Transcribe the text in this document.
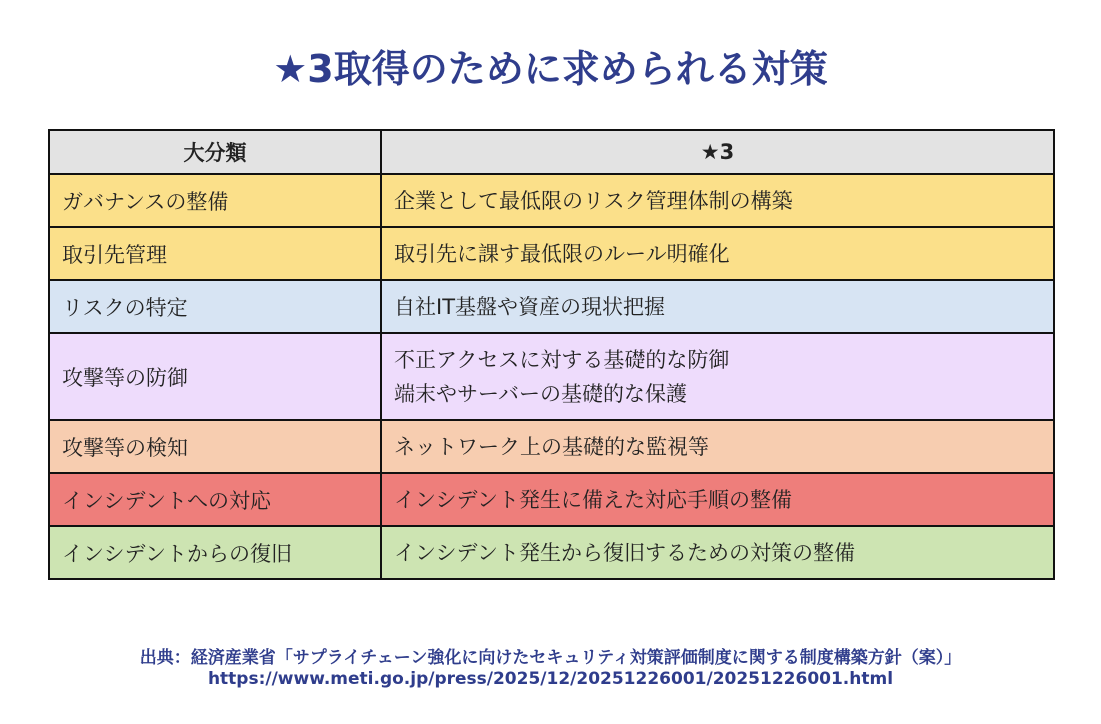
★3取得のために求められる対策
大分類	★3
ガバナンスの整備	企業として最低限のリスク管理体制の構築

取引先管理	取引先に課す最低限のルール明確化

リスクの特定	自社IT基盤や資産の現状把握

攻撃等の防御	不正アクセスに対する基礎的な防御
端末やサーバーの基礎的な保護

攻撃等の検知	ネットワーク上の基礎的な監視等

インシデントへの対応	インシデント発生に備えた対応手順の整備

インシデントからの復旧	インシデント発生から復旧するための対策の整備
出典：経済産業省「サプライチェーン強化に向けたセキュリティ対策評価制度に関する制度構築方針（案）」
https://www.meti.go.jp/press/2025/12/20251226001/20251226001.html
